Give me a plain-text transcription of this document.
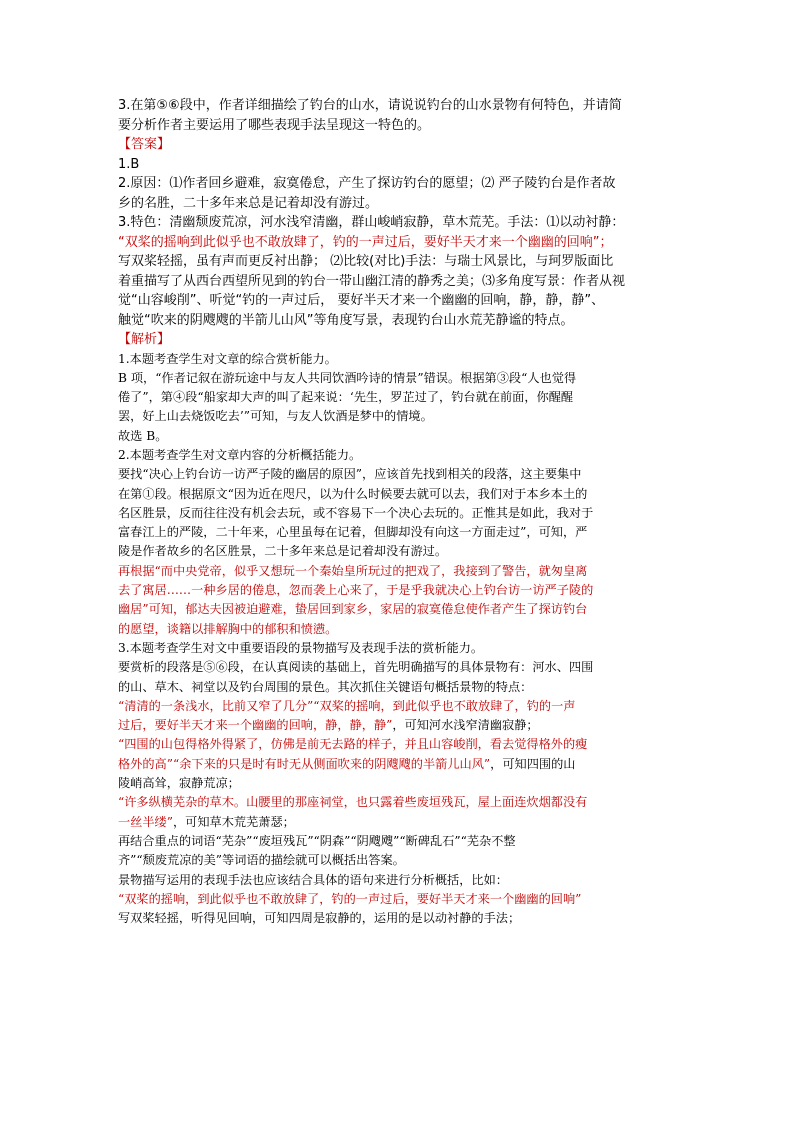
3.在第⑤⑥段中，作者详细描绘了钓台的山水，请说说钓台的山水景物有何特色，并请简

要分析作者主要运用了哪些表现手法呈现这一特色的。

【答案】

1.B

2.原因：⑴作者回乡避难，寂寞倦怠，产生了探访钓台的愿望；⑵ 严子陵钓台是作者故

乡的名胜，二十多年来总是记着却没有游过。

3.特色：清幽颓废荒凉，河水浅窄清幽，群山峻峭寂静，草木荒芜。手法：⑴以动衬静：

“双桨的摇响到此似乎也不敢放肆了，钓的一声过后，要好半天才来一个幽幽的回响”；

写双桨轻摇，虽有声而更反衬出静； ⑵比较(对比)手法：与瑞士风景比，与珂罗版面比

着重描写了从西台西望所见到的钓台一带山幽江清的静秀之美；⑶多角度写景：作者从视

觉“山容峻削”、听觉“钓的一声过后， 要好半天才来一个幽幽的回响，静，静，静”、

触觉“吹来的阴飕飕的半箭儿山风”等角度写景，表现钓台山水荒芜静谧的特点。

【解析】

1.本题考查学生对文章的综合赏析能力。

B 项，“作者记叙在游玩途中与友人共同饮酒吟诗的情景”错误。根据第③段“人也觉得

倦了”，第④段“船家却大声的叫了起来说：‘先生，罗芷过了，钓台就在前面，你醒醒

罢，好上山去烧饭吃去’”可知，与友人饮酒是梦中的情境。

故选 B。

2.本题考查学生对文章内容的分析概括能力。

要找“决心上钓台访一访严子陵的幽居的原因”，应该首先找到相关的段落，这主要集中

在第①段。根据原文“因为近在咫尺，以为什么时候要去就可以去，我们对于本乡本土的

名区胜景，反而往往没有机会去玩，或不容易下一个决心去玩的。正惟其是如此，我对于

富春江上的严陵，二十年来，心里虽每在记着，但脚却没有向这一方面走过”，可知，严

陵是作者故乡的名区胜景，二十多年来总是记着却没有游过。

再根据“而中央党帝，似乎又想玩一个秦始皇所玩过的把戏了，我接到了警告，就匆皇离

去了寓居……一种乡居的倦息，忽而袭上心来了，于是乎我就决心上钓台访一访严子陵的

幽居”可知，郁达夫因被迫避难，蛰居回到家乡，家居的寂寞倦怠使作者产生了探访钓台

的愿望，谈籍以排解胸中的郁积和愤懑。

3.本题考查学生对文中重要语段的景物描写及表现手法的赏析能力。

要赏析的段落是⑤⑥段，在认真阅读的基础上，首先明确描写的具体景物有：河水、四围

的山、草木、祠堂以及钓台周围的景色。其次抓住关键语句概括景物的特点：

“清清的一条浅水，比前又窄了几分”“双桨的摇响，到此似乎也不敢放肆了，钓的一声

过后，要好半天才来一个幽幽的回响，静，静，静”，可知河水浅窄清幽寂静；

“四围的山包得格外得紧了，仿佛是前无去路的样子，并且山容峻削，看去觉得格外的瘦

格外的高”“余下来的只是时有时无从侧面吹来的阴飕飕的半箭儿山风”，可知四围的山

陵峭高耸，寂静荒凉；

“许多纵横芜杂的草木。山腰里的那座祠堂，也只露着些废垣残瓦，屋上面连炊烟都没有

一丝半缕”，可知草木荒芜萧瑟；

再结合重点的词语“芜杂”“废垣残瓦”“阴森”“阴飕飕”“断碑乱石”“芜杂不整

齐”“颓废荒凉的美”等词语的描绘就可以概括出答案。

景物描写运用的表现手法也应该结合具体的语句来进行分析概括，比如：

“双桨的摇响，到此似乎也不敢放肆了，钓的一声过后，要好半天才来一个幽幽的回响”

写双桨轻摇，听得见回响，可知四周是寂静的，运用的是以动衬静的手法；
